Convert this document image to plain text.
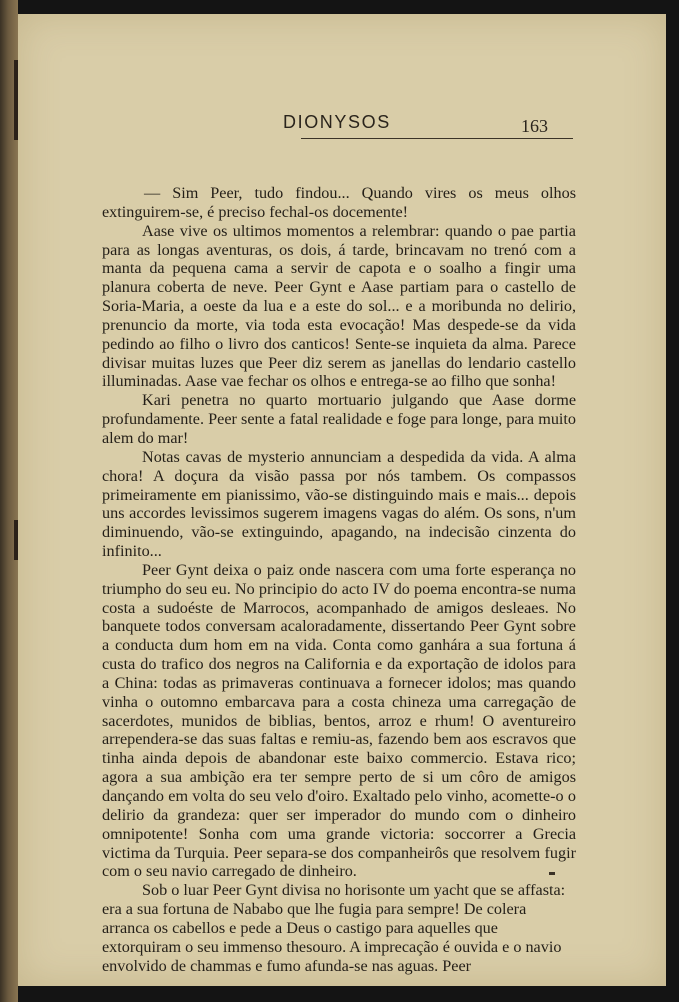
DIONYSOS	163

— Sim Peer, tudo findou... Quando vires os meus olhos extinguirem-se, é preciso fechal-os docemente!

Aase vive os ultimos momentos a relembrar: quando o pae partia para as longas aventuras, os dois, á tarde, brincavam no trenó com a manta da pequena cama a servir de capota e o soalho a fingir uma planura coberta de neve. Peer Gynt e Aase partiam para o castello de Soria-Maria, a oeste da lua e a este do sol... e a moribunda no delirio, prenuncio da morte, via toda esta evocação! Mas despede-se da vida pedindo ao filho o livro dos canticos! Sente-se inquieta da alma. Parece divisar muitas luzes que Peer diz serem as janellas do lendario castello illuminadas. Aase vae fechar os olhos e entrega-se ao filho que sonha!

Kari penetra no quarto mortuario julgando que Aase dorme profundamente. Peer sente a fatal realidade e foge para longe, para muito alem do mar!

Notas cavas de mysterio annunciam a despedida da vida. A alma chora! A doçura da visão passa por nós tambem. Os compassos primeiramente em pianissimo, vão-se distinguindo mais e mais... depois uns accordes levissimos sugerem imagens vagas do além. Os sons, n'um diminuendo, vão-se extinguindo, apagando, na indecisão cinzenta do infinito...

Peer Gynt deixa o paiz onde nascera com uma forte esperança no triumpho do seu eu. No principio do acto IV do poema encontra-se numa costa a sudoéste de Marrocos, acompanhado de amigos desleaes. No banquete todos conversam acaloradamente, dissertando Peer Gynt sobre a conducta dum hom em na vida. Conta como ganhára a sua fortuna á custa do trafico dos negros na California e da exportação de idolos para a China: todas as primaveras continuava a fornecer idolos; mas quando vinha o outomno embarcava para a costa chineza uma carregação de sacerdotes, munidos de biblias, bentos, arroz e rhum! O aventureiro arrependera-se das suas faltas e remiu-as, fazendo bem aos escravos que tinha ainda depois de abandonar este baixo commercio. Estava rico; agora a sua ambição era ter sempre perto de si um côro de amigos dançando em volta do seu velo d'oiro. Exaltado pelo vinho, acomette-o o delirio da grandeza: quer ser imperador do mundo com o dinheiro omnipotente! Sonha com uma grande victoria: soccorrer a Grecia victima da Turquia. Peer separa-se dos companheirôs que resolvem fugir com o seu navio carregado de dinheiro.

Sob o luar Peer Gynt divisa no horisonte um yacht que se affasta: era a sua fortuna de Nababo que lhe fugia para sempre! De colera arranca os cabellos e pede a Deus o castigo para aquelles que extorquiram o seu immenso thesouro. A imprecação é ouvida e o navio envolvido de chammas e fumo afunda-se nas aguas. Peer
